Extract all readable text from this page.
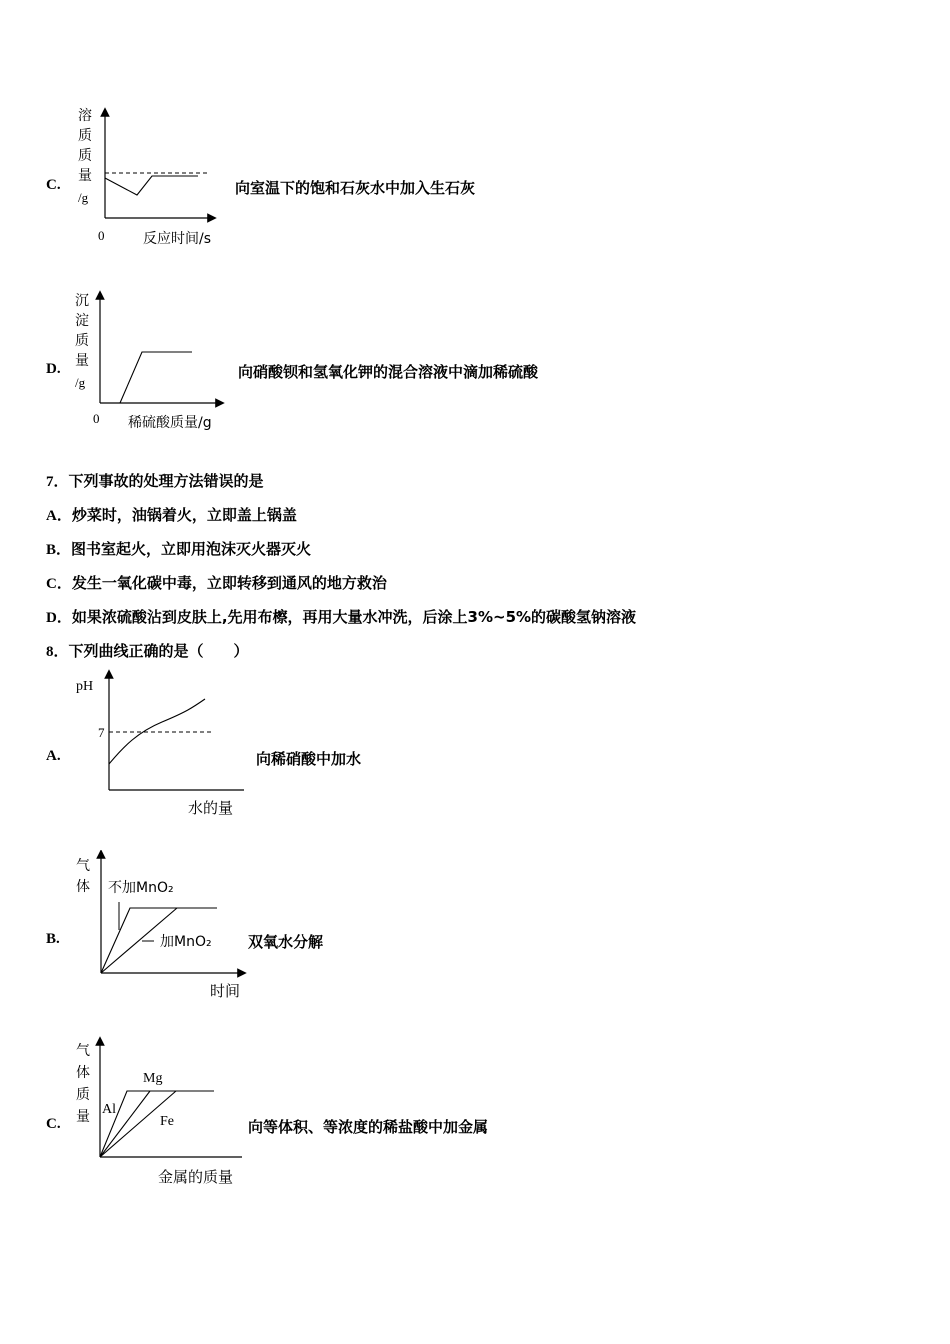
C.
溶
质
质
量
/g
0	反应时间/s
向室温下的饱和石灰水中加入生石灰
D.
沉
淀
质
量
/g
0 稀硫酸质量/g
向硝酸钡和氢氧化钾的混合溶液中滴加稀硫酸
7．下列事故的处理方法错误的是
A．炒菜时，油锅着火，立即盖上锅盖
B．图书室起火，立即用泡沫灭火器灭火
C．发生一氧化碳中毒，立即转移到通风的地方救治
D．如果浓硫酸沾到皮肤上,先用布檫，再用大量水冲洗，后涂上3%~5%的碳酸氢钠溶液
8．下列曲线正确的是（　　）
A.
pH
7
水的量
向稀硝酸中加水
B.
气
体 不加MnO₂
加MnO₂
时间
双氧水分解
C.
气
体
质
量 Al
Mg
Fe
金属的质量
向等体积、等浓度的稀盐酸中加金属
